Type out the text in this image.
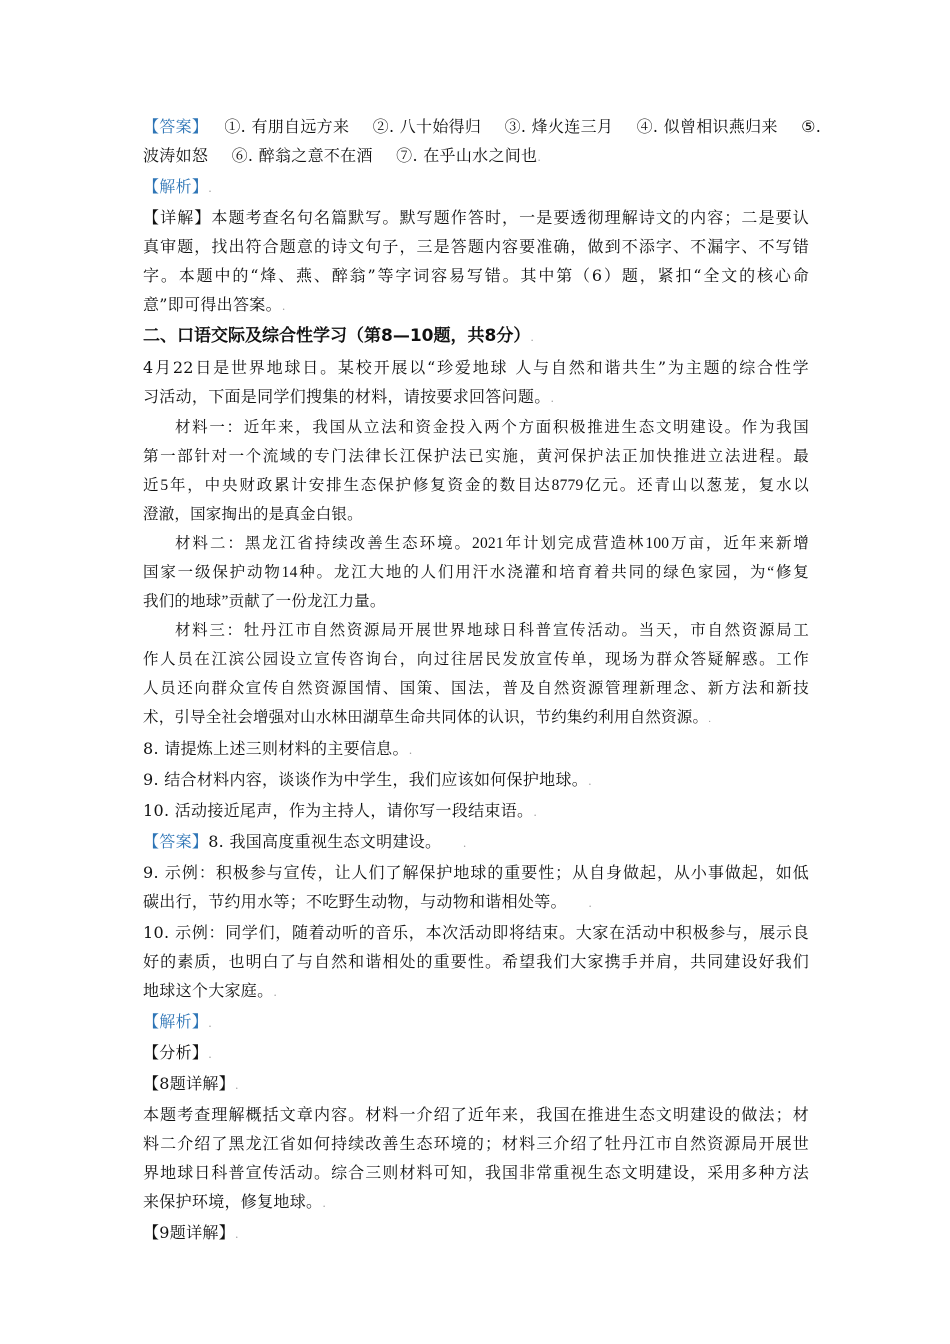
【答案】 ①. 有朋自远方来 ②. 八十始得归 ③. 烽火连三月 ④. 似曾相识燕归来 ⑤.
波涛如怒 ⑥. 醉翁之意不在酒 ⑦. 在乎山水之间也.
【解析】.
【详解】本题考查名句名篇默写。默写题作答时，一是要透彻理解诗文的内容；二是要认
真审题，找出符合题意的诗文句子，三是答题内容要准确，做到不添字、不漏字、不写错
字。本题中的“烽、燕、醉翁”等字词容易写错。其中第（6）题，紧扣“全文的核心命
意”即可得出答案。.
二、口语交际及综合性学习（第8—10题，共8分）.
4月22日是世界地球日。某校开展以“珍爱地球 人与自然和谐共生”为主题的综合性学
习活动，下面是同学们搜集的材料，请按要求回答问题。.
材料一：近年来，我国从立法和资金投入两个方面积极推进生态文明建设。作为我国
第一部针对一个流域的专门法律长江保护法已实施，黄河保护法正加快推进立法进程。最
近5年，中央财政累计安排生态保护修复资金的数目达8779亿元。还青山以葱茏，复水以
澄澈，国家掏出的是真金白银。
材料二：黑龙江省持续改善生态环境。2021年计划完成营造林100万亩，近年来新增
国家一级保护动物14种。龙江大地的人们用汗水浇灌和培育着共同的绿色家园，为“修复
我们的地球”贡献了一份龙江力量。
材料三：牡丹江市自然资源局开展世界地球日科普宣传活动。当天，市自然资源局工
作人员在江滨公园设立宣传咨询台，向过往居民发放宣传单，现场为群众答疑解惑。工作
人员还向群众宣传自然资源国情、国策、国法，普及自然资源管理新理念、新方法和新技
术，引导全社会增强对山水林田湖草生命共同体的认识，节约集约利用自然资源。.
8. 请提炼上述三则材料的主要信息。.
9. 结合材料内容，谈谈作为中学生，我们应该如何保护地球。.
10. 活动接近尾声，作为主持人，请你写一段结束语。.
【答案】8. 我国高度重视生态文明建设。 .
9. 示例：积极参与宣传，让人们了解保护地球的重要性；从自身做起，从小事做起，如低
碳出行，节约用水等；不吃野生动物，与动物和谐相处等。 .
10. 示例：同学们，随着动听的音乐，本次活动即将结束。大家在活动中积极参与，展示良
好的素质，也明白了与自然和谐相处的重要性。希望我们大家携手并肩，共同建设好我们
地球这个大家庭。.
【解析】.
【分析】.
【8题详解】.
本题考查理解概括文章内容。材料一介绍了近年来，我国在推进生态文明建设的做法；材
料二介绍了黑龙江省如何持续改善生态环境的；材料三介绍了牡丹江市自然资源局开展世
界地球日科普宣传活动。综合三则材料可知，我国非常重视生态文明建设，采用多种方法
来保护环境，修复地球。.
【9题详解】.
